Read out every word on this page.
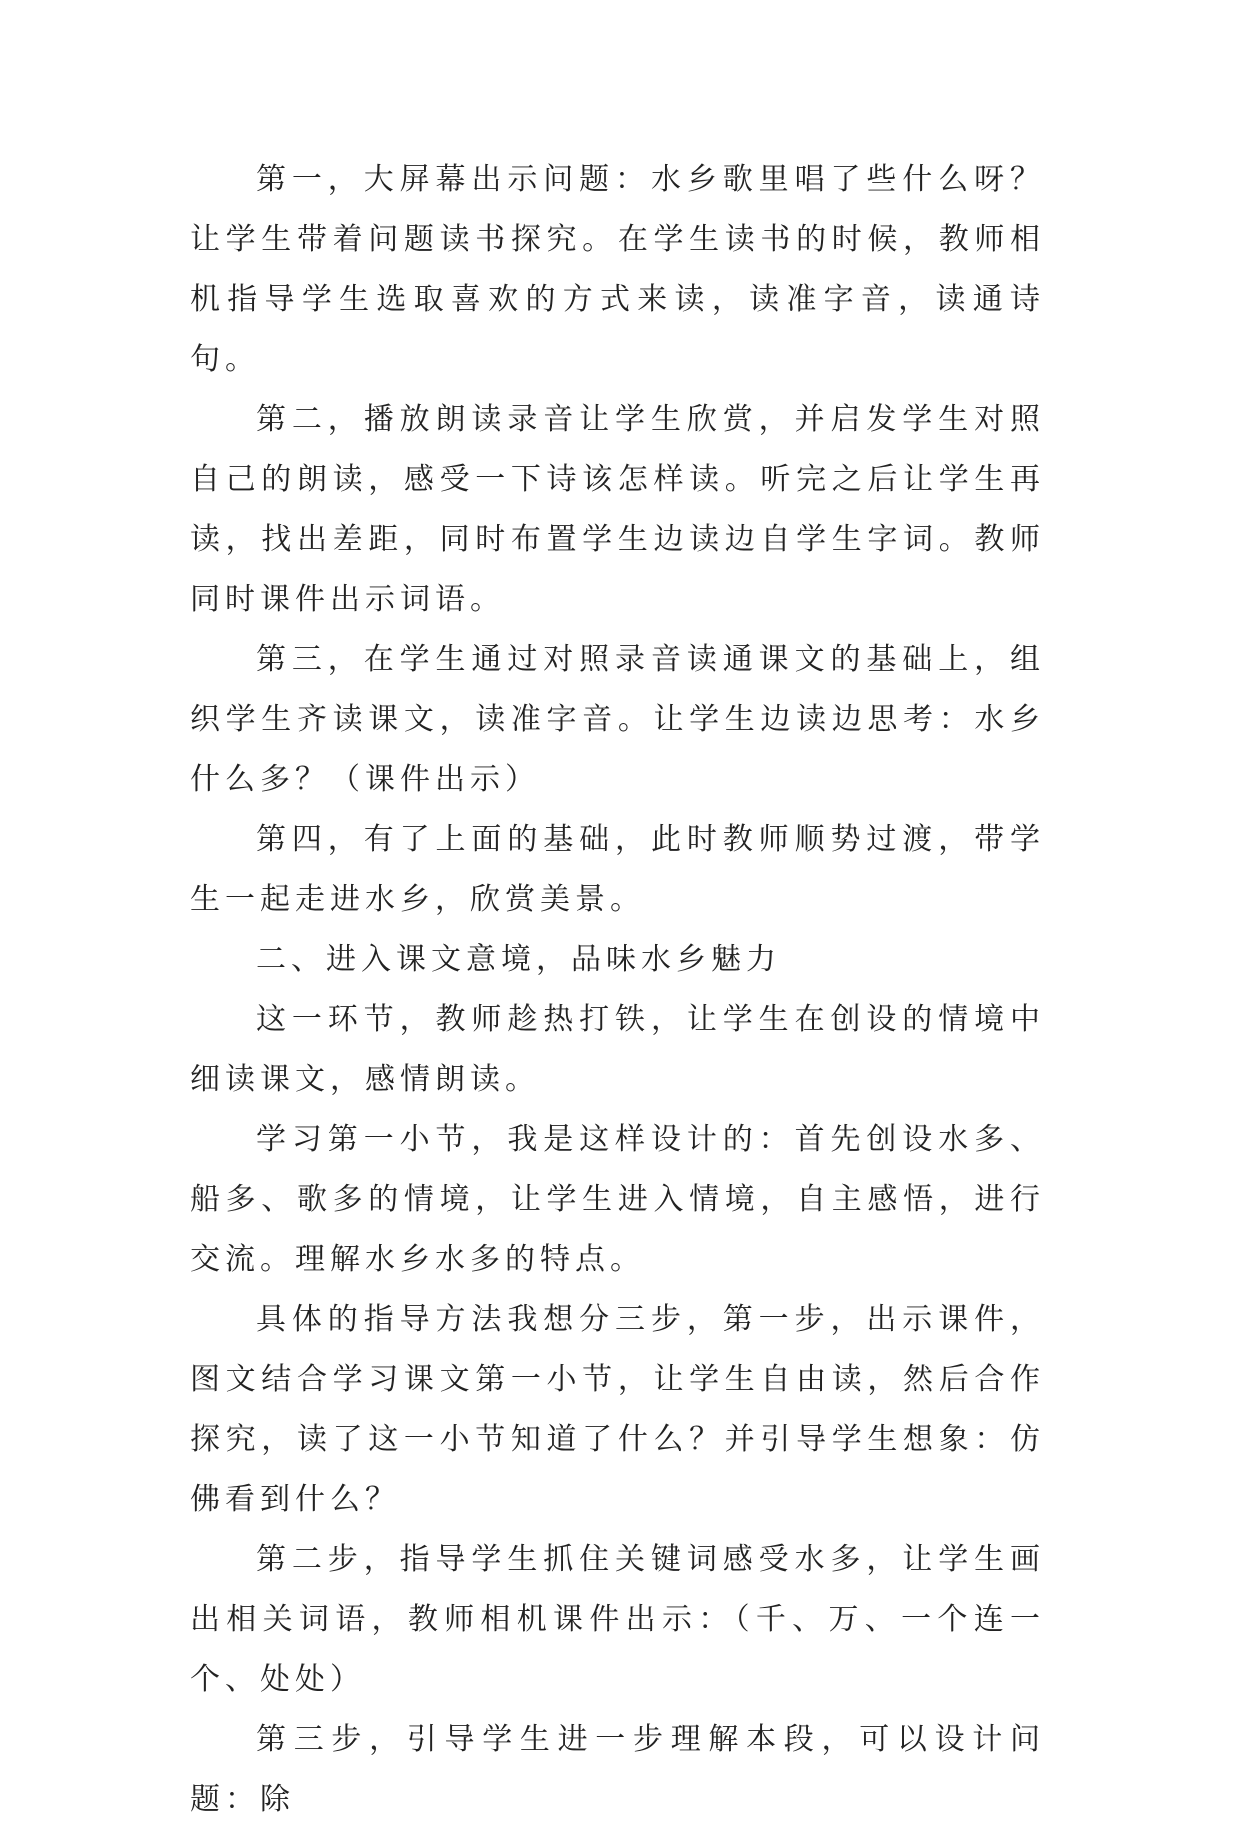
第一，大屏幕出示问题：水乡歌里唱了些什么呀？让学生带着问题读书探究。在学生读书的时候，教师相机指导学生选取喜欢的方式来读，读准字音，读通诗句。

第二，播放朗读录音让学生欣赏，并启发学生对照自己的朗读，感受一下诗该怎样读。听完之后让学生再读，找出差距，同时布置学生边读边自学生字词。教师同时课件出示词语。

第三，在学生通过对照录音读通课文的基础上，组织学生齐读课文，读准字音。让学生边读边思考：水乡什么多？（课件出示）

第四，有了上面的基础，此时教师顺势过渡，带学生一起走进水乡，欣赏美景。

二、进入课文意境，品味水乡魅力

这一环节，教师趁热打铁，让学生在创设的情境中细读课文，感情朗读。

学习第一小节，我是这样设计的：首先创设水多、船多、歌多的情境，让学生进入情境，自主感悟，进行交流。理解水乡水多的特点。

具体的指导方法我想分三步，第一步，出示课件，图文结合学习课文第一小节，让学生自由读，然后合作探究，读了这一小节知道了什么？并引导学生想象：仿佛看到什么？

第二步，指导学生抓住关键词感受水多，让学生画出相关词语，教师相机课件出示：（千、万、一个连一个、处处）

第三步，引导学生进一步理解本段，可以设计问题：除
